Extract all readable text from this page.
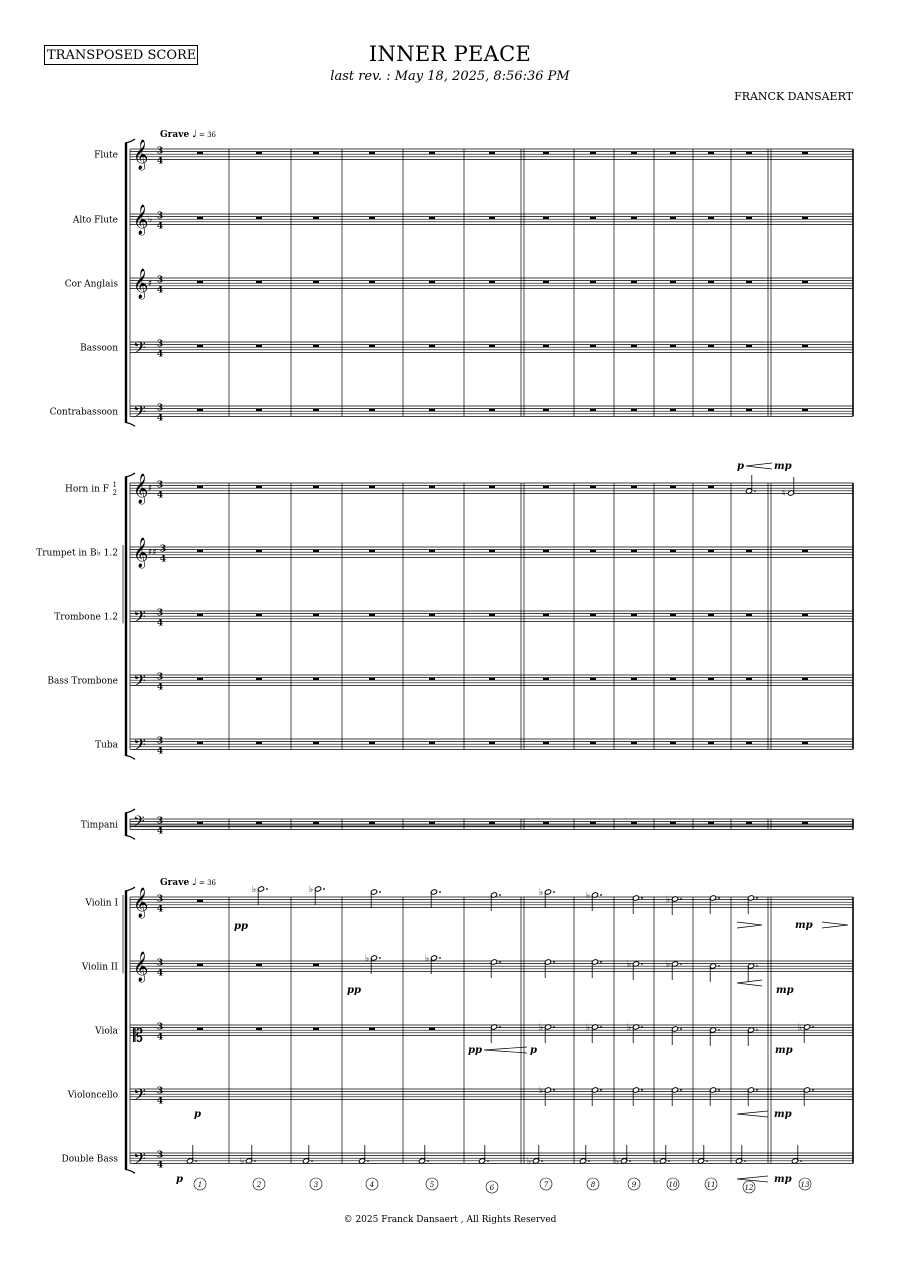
TRANSPOSED SCORE	INNER PEACE
last rev. : May 18, 2025, 8:56:36 PM
FRANCK DANSAERT
Flute 𝄞 3
4
Alto Flute 𝄞 ♭ 3
4
Cor Anglais 𝄞 ♯ 3
4
Bassoon 𝄢 3
4
Contrabassoon 𝄢 3
4
Horn in F 1
2 𝄞 ♯ 3
4
Trumpet in B♭ 1.2 𝄞 ♯♯ 3
4
Trombone 1.2 𝄢 3
4
Bass Trombone 𝄢 3
4
Tuba 𝄢 3
4
Timpani 𝄢 3
4
Violin I 𝄞 3
4
Violin II 𝄞 3
4
Viola 𝄡 3
4
Violoncello 𝄢 3
4
Double Bass 𝄢 3
4
Grave ♩ = 36
Grave ♩ = 36
♭	♭	♭	♭	♭
♭	♭
♭	♭
♭	♭	♭	♭
♭
♭	♭	♭	♭
♮
p	mp
pp	mp
pp	mp
pp	p	mp
p	mp
p	mp
1	2	3	4	5	6	7	8	9	10	11	12	13
© 2025 Franck Dansaert , All Rights Reserved
